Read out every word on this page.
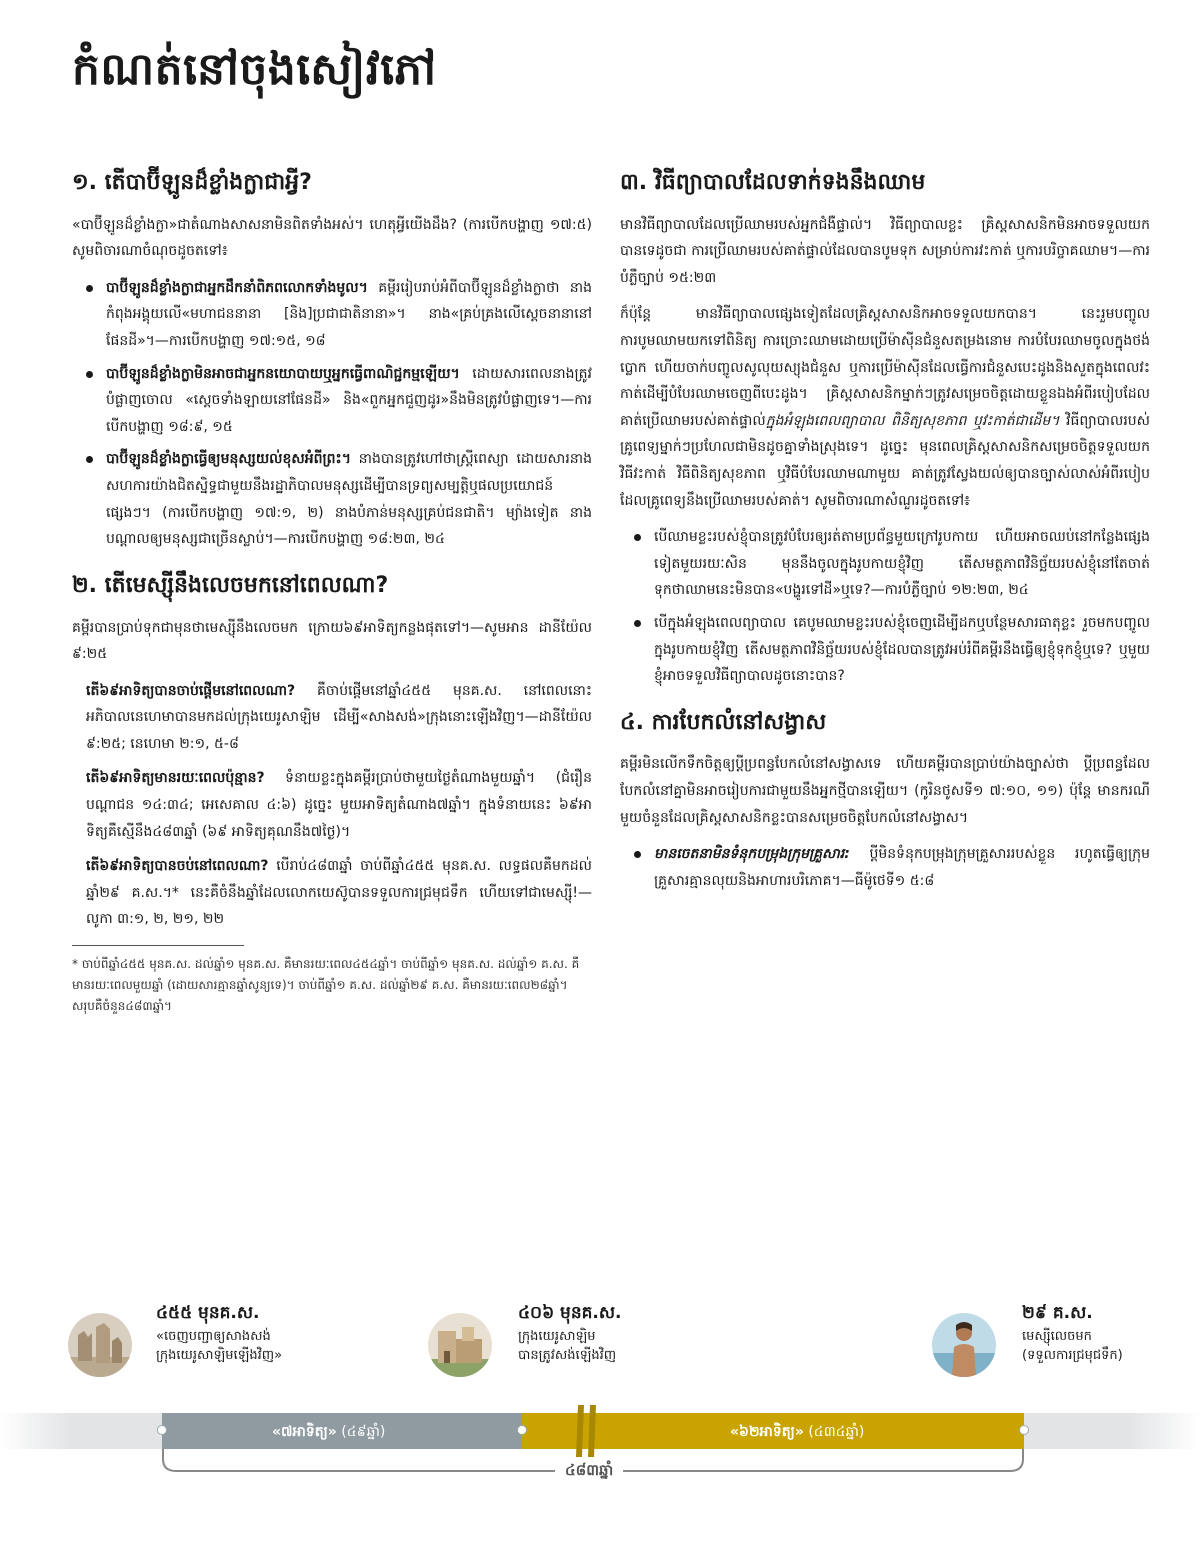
កំណត់នៅចុងសៀវភៅ
១. តើបាប៊ីឡូនដ៏ខ្លាំងក្លាជាអ្វី?

«បាប៊ីឡូនដ៏ខ្លាំងក្លា»ជាតំណាងសាសនាមិនពិតទាំងអស់។ ហេតុអ្វីយើងដឹង? (ការបើកបង្ហាញ ១៧:៥) សូមពិចារណាចំណុចដូចតទៅ៖

បាប៊ីឡូនដ៏ខ្លាំងក្លាជាអ្នកដឹកនាំពិភពលោកទាំងមូល។ គម្ពីររៀបរាប់អំពីបាប៊ីឡូនដ៏ខ្លាំងក្លាថា នាងកំពុងអង្គុយលើ«មហាជននានា [និង]ប្រជាជាតិនានា»។ នាង«គ្រប់គ្រងលើស្ដេចនានានៅផែនដី»។—ការបើកបង្ហាញ ១៧:១៥, ១៨
បាប៊ីឡូនដ៏ខ្លាំងក្លាមិនអាចជាអ្នកនយោបាយឬអ្នកធ្វើពាណិជ្ជកម្មឡើយ។ ដោយសារពេលនាងត្រូវបំផ្លាញចោល «ស្ដេចទាំងឡាយនៅផែនដី» និង«ពួកអ្នកជួញដូរ»នឹងមិនត្រូវបំផ្លាញទេ។—ការបើកបង្ហាញ ១៨:៩, ១៥
បាប៊ីឡូនដ៏ខ្លាំងក្លាធ្វើឲ្យមនុស្សយល់ខុសអំពីព្រះ។ នាងបានត្រូវហៅថាស្ត្រីពេស្យា ដោយសារនាងសហការយ៉ាងជិតស្និទ្ធជាមួយនឹងរដ្ឋាភិបាលមនុស្សដើម្បីបានទ្រព្យសម្បត្តិឬផលប្រយោជន៍ផ្សេងៗ។ (ការបើកបង្ហាញ ១៧:១, ២) នាងបំភាន់មនុស្សគ្រប់ជនជាតិ។ ម្យ៉ាងទៀត នាងបណ្ដាលឲ្យមនុស្សជាច្រើនស្លាប់។—ការបើកបង្ហាញ ១៨:២៣, ២៤
២. តើមេស្ស៊ីនឹងលេចមកនៅពេលណា?

គម្ពីរបានប្រាប់ទុកជាមុនថាមេស្ស៊ីនឹងលេចមក ក្រោយ៦៩អាទិត្យកន្លងផុតទៅ។—សូមអាន ដានីយ៉ែល ៩:២៥

តើ៦៩អាទិត្យបានចាប់ផ្ដើមនៅពេលណា? គឺចាប់ផ្ដើមនៅឆ្នាំ៤៥៥ មុនគ.ស. នៅពេលនោះអភិបាលនេហេមាបានមកដល់ក្រុងយេរូសាឡិម ដើម្បី«សាងសង់»ក្រុងនោះឡើងវិញ។—ដានីយ៉ែល ៩:២៥; នេហេមា ២:១, ៥-៨

តើ៦៩អាទិត្យមានរយៈពេលប៉ុន្មាន? ទំនាយខ្លះក្នុងគម្ពីរប្រាប់ថាមួយថ្ងៃតំណាងមួយឆ្នាំ។ (ជំរឿនបណ្ដាជន ១៤:៣៤; អេសេគាល ៤:៦) ដូច្នេះ មួយអាទិត្យតំណាង៧ឆ្នាំ។ ក្នុងទំនាយនេះ ៦៩អាទិត្យគឺស្មើនឹង៤៨៣ឆ្នាំ (៦៩ អាទិត្យគុណនឹង៧ថ្ងៃ)។

តើ៦៩អាទិត្យបានចប់នៅពេលណា? បើរាប់៤៨៣ឆ្នាំ ចាប់ពីឆ្នាំ៤៥៥ មុនគ.ស. លទ្ធផលគឺមកដល់ឆ្នាំ២៩ គ.ស.។* នេះគឺចំនឹងឆ្នាំដែលលោកយេស៊ូបានទទួលការជ្រមុជទឹក ហើយទៅជាមេស្ស៊ី!—លូកា ៣:១, ២, ២១, ២២

* ចាប់ពីឆ្នាំ៤៥៥ មុនគ.ស. ដល់ឆ្នាំ១ មុនគ.ស. គឺមានរយៈពេល៤៥៤ឆ្នាំ។ ចាប់ពីឆ្នាំ១ មុនគ.ស. ដល់ឆ្នាំ១ គ.ស. គឺមានរយៈពេលមួយឆ្នាំ (ដោយសារគ្មានឆ្នាំសូន្យទេ)។ ចាប់ពីឆ្នាំ១ គ.ស. ដល់ឆ្នាំ២៩ គ.ស. គឺមានរយៈពេល២៨ឆ្នាំ។ សរុបគឺចំនួន៤៨៣ឆ្នាំ។

៣. វិធីព្យាបាលដែលទាក់ទងនឹងឈាម

មានវិធីព្យាបាលដែលប្រើឈាមរបស់អ្នកជំងឺផ្ទាល់។ វិធីព្យាបាលខ្លះ គ្រិស្តសាសនិកមិនអាចទទួលយកបានទេដូចជា ការប្រើឈាមរបស់គាត់ផ្ទាល់ដែលបានបូមទុក សម្រាប់ការវះកាត់ ឬការបរិច្ចាគឈាម។—ការបំភ្លឺច្បាប់ ១៥:២៣

ក៏ប៉ុន្តែ មានវិធីព្យាបាលផ្សេងទៀតដែលគ្រិស្តសាសនិកអាចទទួលយកបាន។ នេះរួមបញ្ចូលការបូមឈាមយកទៅពិនិត្យ ការច្រោះឈាមដោយប្រើម៉ាស៊ីនជំនួសតម្រងនោម ការបំបែរឈាមចូលក្នុងថង់ប្លោក ហើយចាក់បញ្ចូលសូលុយស្យុងជំនួស ឬការប្រើម៉ាស៊ីនដែលធ្វើការជំនួសបេះដូងនិងសួតក្នុងពេលវះកាត់ដើម្បីបំបែរឈាមចេញពីបេះដូង។ គ្រិស្តសាសនិកម្នាក់ៗត្រូវសម្រេចចិត្តដោយខ្លួនឯងអំពីរបៀបដែលគាត់ប្រើឈាមរបស់គាត់ផ្ទាល់ក្នុងអំឡុងពេលព្យាបាល ពិនិត្យសុខភាព ឬវះកាត់ជាដើម។ វិធីព្យាបាលរបស់គ្រូពេទ្យម្នាក់ៗប្រហែលជាមិនដូចគ្នាទាំងស្រុងទេ។ ដូច្នេះ មុនពេលគ្រិស្តសាសនិកសម្រេចចិត្តទទួលយកវិធីវះកាត់ វិធីពិនិត្យសុខភាព ឬវិធីបំបែរឈាមណាមួយ គាត់ត្រូវស្វែងយល់ឲ្យបានច្បាស់លាស់អំពីរបៀបដែលគ្រូពេទ្យនឹងប្រើឈាមរបស់គាត់។ សូមពិចារណាសំណួរដូចតទៅ៖

បើឈាមខ្លះរបស់ខ្ញុំបានត្រូវបំបែរឲ្យរត់តាមប្រព័ន្ធមួយក្រៅរូបកាយ ហើយអាចឈប់នៅកន្លែងផ្សេងទៀតមួយរយៈសិន មុននឹងចូលក្នុងរូបកាយខ្ញុំវិញ តើសមត្ថភាពវិនិច្ឆ័យរបស់ខ្ញុំនៅតែចាត់ទុកថាឈាមនេះមិនបាន«បង្ហូរទៅដី»ឬទេ?—ការបំភ្លឺច្បាប់ ១២:២៣, ២៤
បើក្នុងអំឡុងពេលព្យាបាល គេបូមឈាមខ្លះរបស់ខ្ញុំចេញដើម្បីដកឬបន្ថែមសារធាតុខ្លះ រួចមកបញ្ចូលក្នុងរូបកាយខ្ញុំវិញ តើសមត្ថភាពវិនិច្ឆ័យរបស់ខ្ញុំដែលបានត្រូវអប់រំពីគម្ពីរនឹងធ្វើឲ្យខ្ញុំទុកខ្ញុំឬទេ? ឬមួយខ្ញុំអាចទទួលវិធីព្យាបាលដូចនោះបាន?
៤. ការបែកលំនៅសង្វាស

គម្ពីរមិនលើកទឹកចិត្តឲ្យប្ដីប្រពន្ធបែកលំនៅសង្វាសទេ ហើយគម្ពីរបានប្រាប់យ៉ាងច្បាស់ថា ប្ដីប្រពន្ធដែលបែកលំនៅគ្នាមិនអាចរៀបការជាមួយនឹងអ្នកថ្មីបានឡើយ។ (កូរិនថូសទី១ ៧:១០, ១១) ប៉ុន្តែ មានករណីមួយចំនួនដែលគ្រិស្តសាសនិកខ្លះបានសម្រេចចិត្តបែកលំនៅសង្វាស។

មានចេតនាមិនទំនុកបម្រុងក្រុមគ្រួសារ: ប្ដីមិនទំនុកបម្រុងក្រុមគ្រួសាររបស់ខ្លួន រហូតធ្វើឲ្យក្រុមគ្រួសារគ្មានលុយនិងអាហារបរិភោគ។—ធីម៉ូថេទី១ ៥:៨
៤៥៥ មុនគ.ស.
«ចេញបញ្ជាឲ្យសាងសង់
ក្រុងយេរូសាឡិមឡើងវិញ»
៤០៦ មុនគ.ស.
ក្រុងយេរូសាឡិម
បានត្រូវសង់ឡើងវិញ
២៩ គ.ស.
មេស្ស៊ីលេចមក
(ទទួលការជ្រមុជទឹក)
«៧អាទិត្យ» (៤៩ឆ្នាំ)	«៦២អាទិត្យ» (៤៣៤ឆ្នាំ)
៤៨៣ឆ្នាំ
